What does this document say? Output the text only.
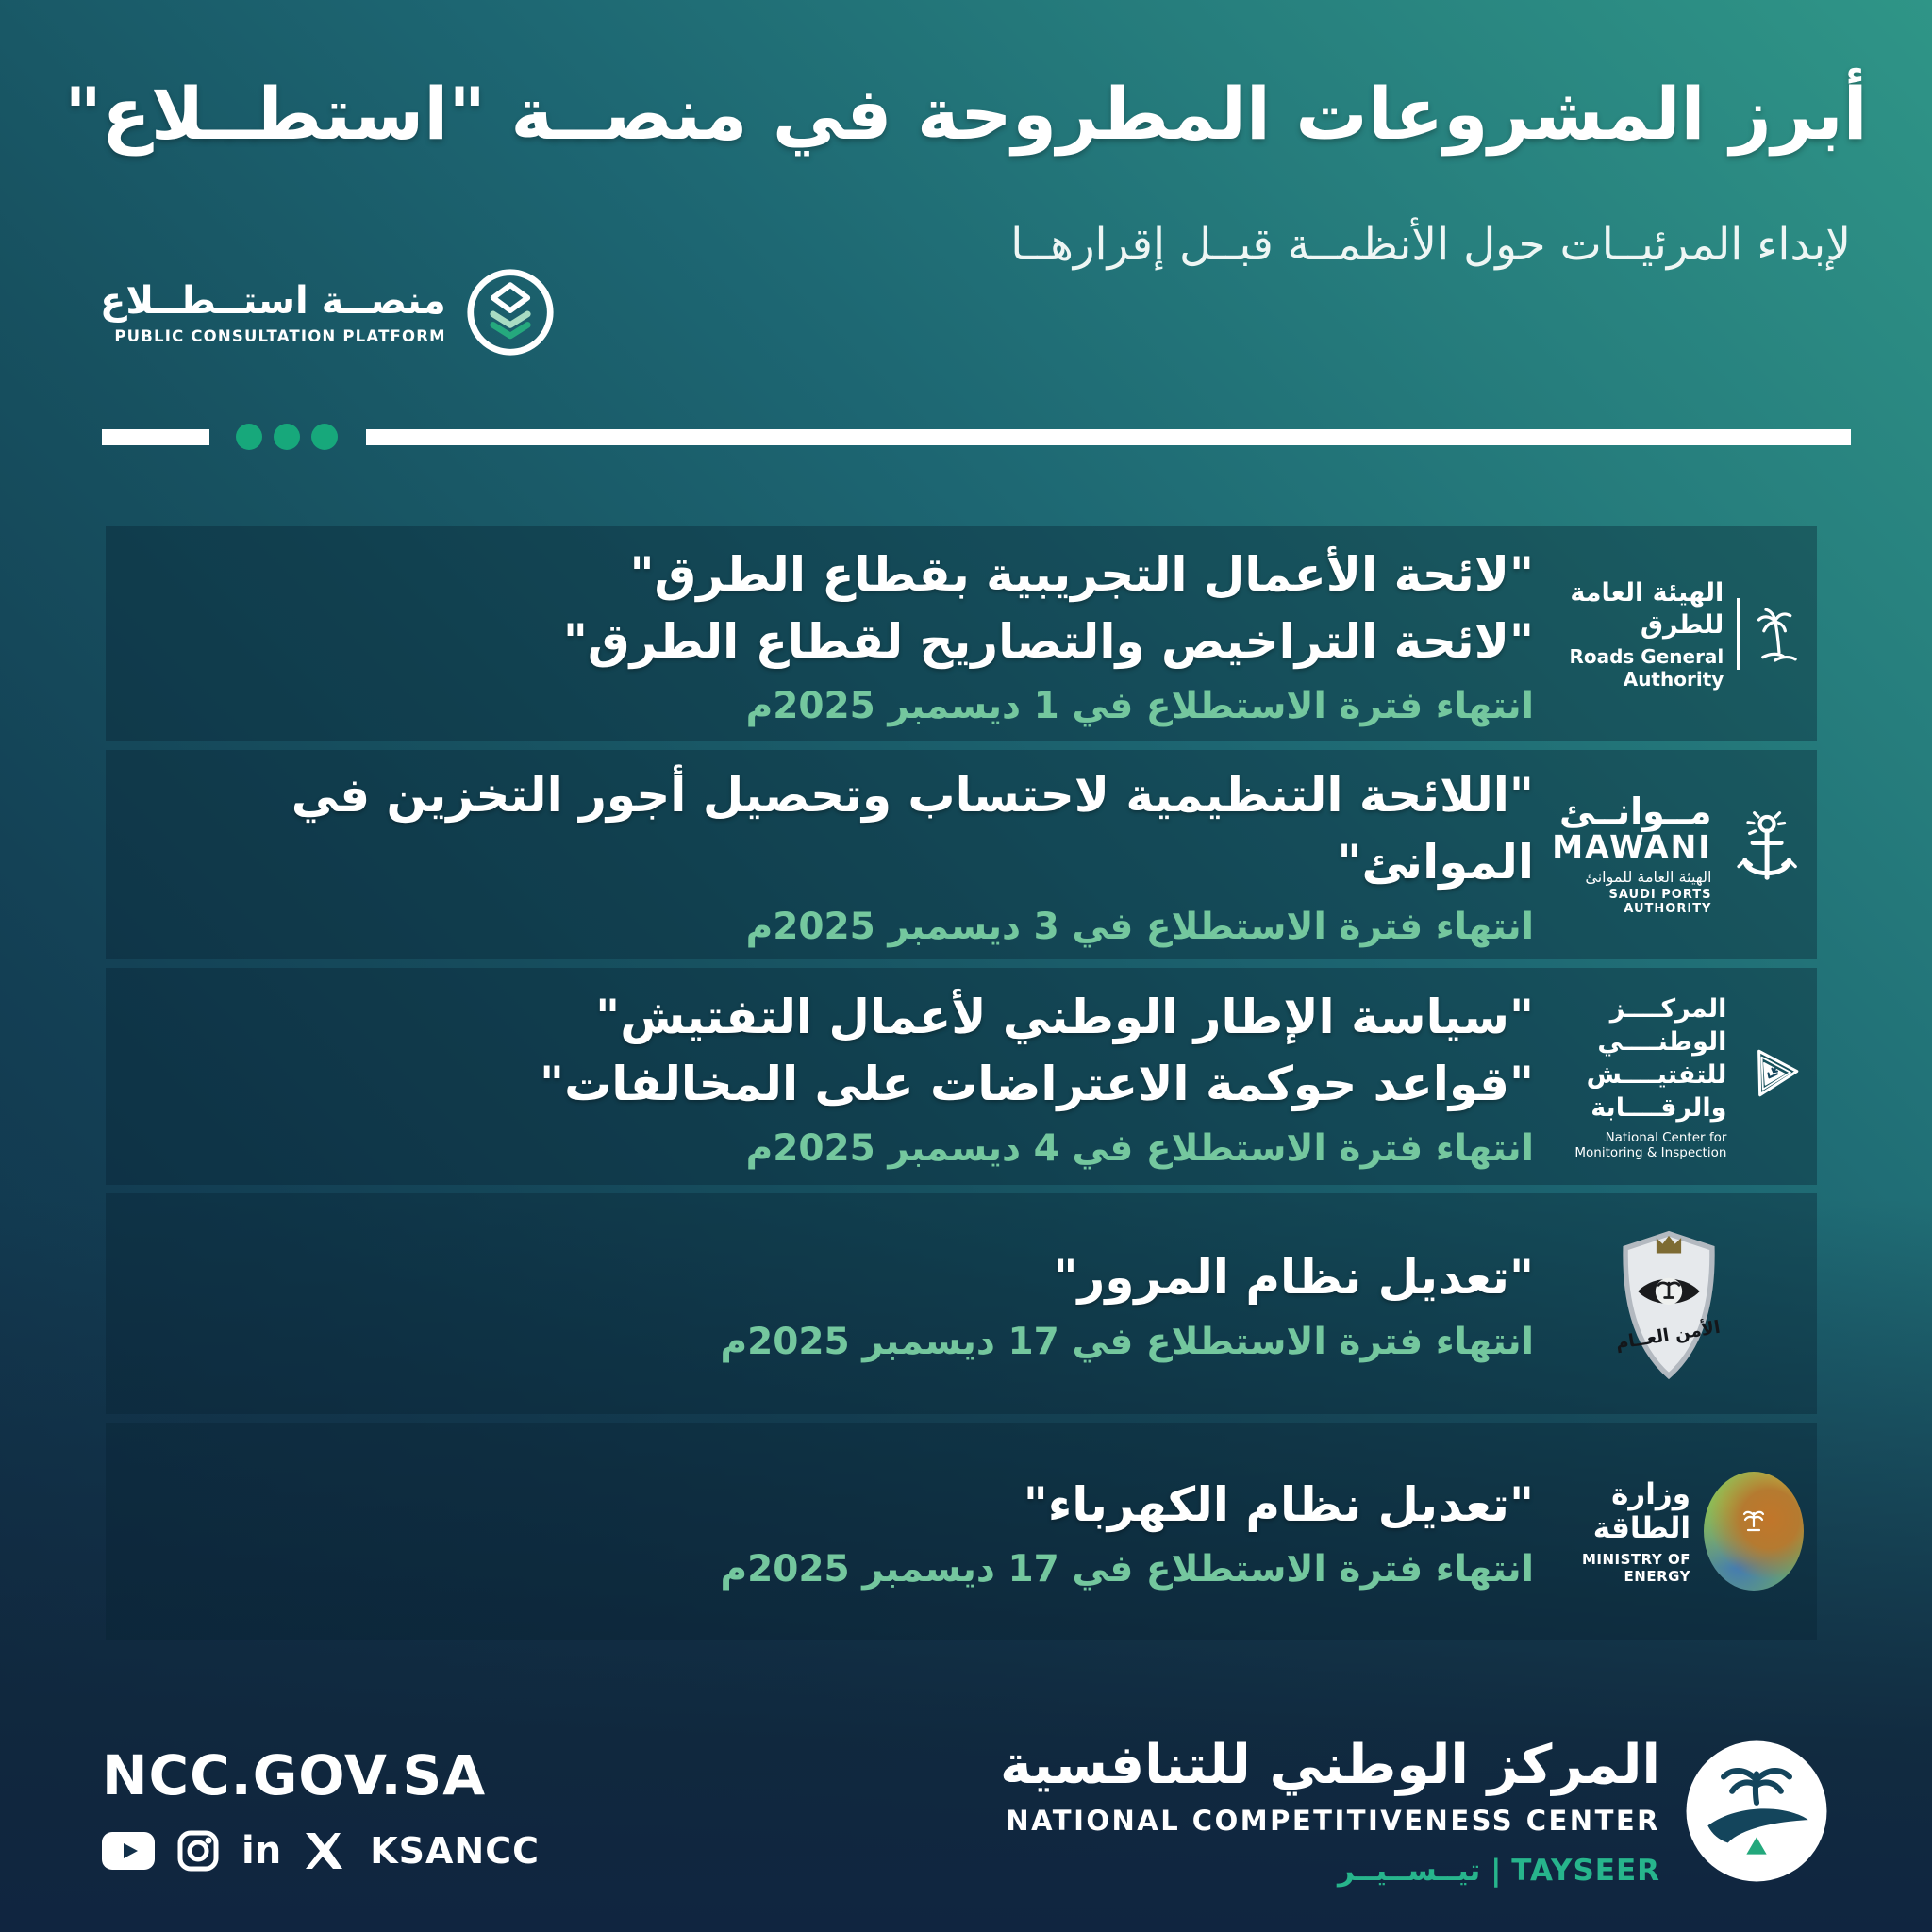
أبرز المشروعات المطروحة في منصــة "استطــلاع"
لإبداء المرئيــات حول الأنظمــة قبــل إقرارهــا
منصــة استــطــلاع
PUBLIC CONSULTATION PLATFORM
الهيئة العامة للطرق
Roads General Authority
"لائحة الأعمال التجريبية بقطاع الطرق"
"لائحة التراخيص والتصاريح لقطاع الطرق"
انتهاء فترة الاستطلاع في 1 ديسمبر 2025م
مــوانــئ
MAWANI
الهيئة العامة للموانئ
SAUDI PORTS AUTHORITY
"اللائحة التنظيمية لاحتساب وتحصيل أجور التخزين في الموانئ"
انتهاء فترة الاستطلاع في 3 ديسمبر 2025م
المركــــز الوطنــــي
للتفتيــــش والرقــــابة
National Center for Monitoring & Inspection
"سياسة الإطار الوطني لأعمال التفتيش"
"قواعد حوكمة الاعتراضات على المخالفات"
انتهاء فترة الاستطلاع في 4 ديسمبر 2025م
الأمن العــام
"تعديل نظام المرور"
انتهاء فترة الاستطلاع في 17 ديسمبر 2025م
وزارة الطاقة
MINISTRY OF ENERGY
"تعديل نظام الكهرباء"
انتهاء فترة الاستطلاع في 17 ديسمبر 2025م
NCC.GOV.SA
in KSANCC
المركز الوطني للتنافسية
NATIONAL COMPETITIVENESS CENTER
تيــســيــر | TAYSEER
